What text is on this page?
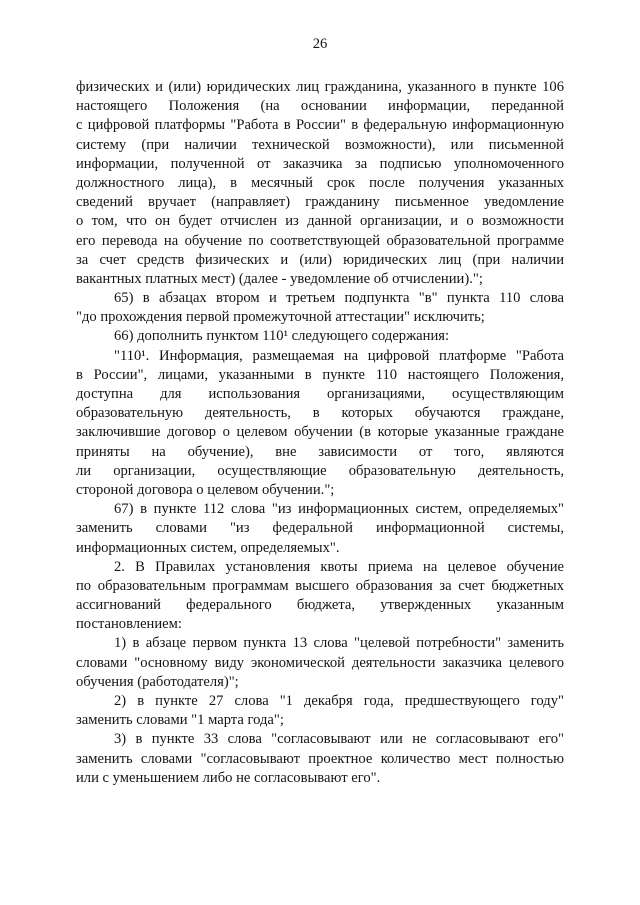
26
физических и (или) юридических лиц гражданина, указанного в пункте 106
настоящего Положения (на основании информации, переданной
с цифровой платформы "Работа в России" в федеральную информационную
систему (при наличии технической возможности), или письменной
информации, полученной от заказчика за подписью уполномоченного
должностного лица), в месячный срок после получения указанных
сведений вручает (направляет) гражданину письменное уведомление
о том, что он будет отчислен из данной организации, и о возможности
его перевода на обучение по соответствующей образовательной программе
за счет средств физических и (или) юридических лиц (при наличии
вакантных платных мест) (далее - уведомление об отчислении).";
65) в абзацах втором и третьем подпункта "в" пункта 110 слова
"до прохождения первой промежуточной аттестации" исключить;
66) дополнить пунктом 110¹ следующего содержания:
"110¹. Информация, размещаемая на цифровой платформе "Работа
в России", лицами, указанными в пункте 110 настоящего Положения,
доступна для использования организациями, осуществляющим
образовательную деятельность, в которых обучаются граждане,
заключившие договор о целевом обучении (в которые указанные граждане
приняты на обучение), вне зависимости от того, являются
ли организации, осуществляющие образовательную деятельность,
стороной договора о целевом обучении.";
67) в пункте 112 слова "из информационных систем, определяемых"
заменить словами "из федеральной информационной системы,
информационных систем, определяемых".
2. В Правилах установления квоты приема на целевое обучение
по образовательным программам высшего образования за счет бюджетных
ассигнований федерального бюджета, утвержденных указанным
постановлением:
1) в абзаце первом пункта 13 слова "целевой потребности" заменить
словами "основному виду экономической деятельности заказчика целевого
обучения (работодателя)";
2) в пункте 27 слова "1 декабря года, предшествующего году"
заменить словами "1 марта года";
3) в пункте 33 слова "согласовывают или не согласовывают его"
заменить словами "согласовывают проектное количество мест полностью
или с уменьшением либо не согласовывают его".
